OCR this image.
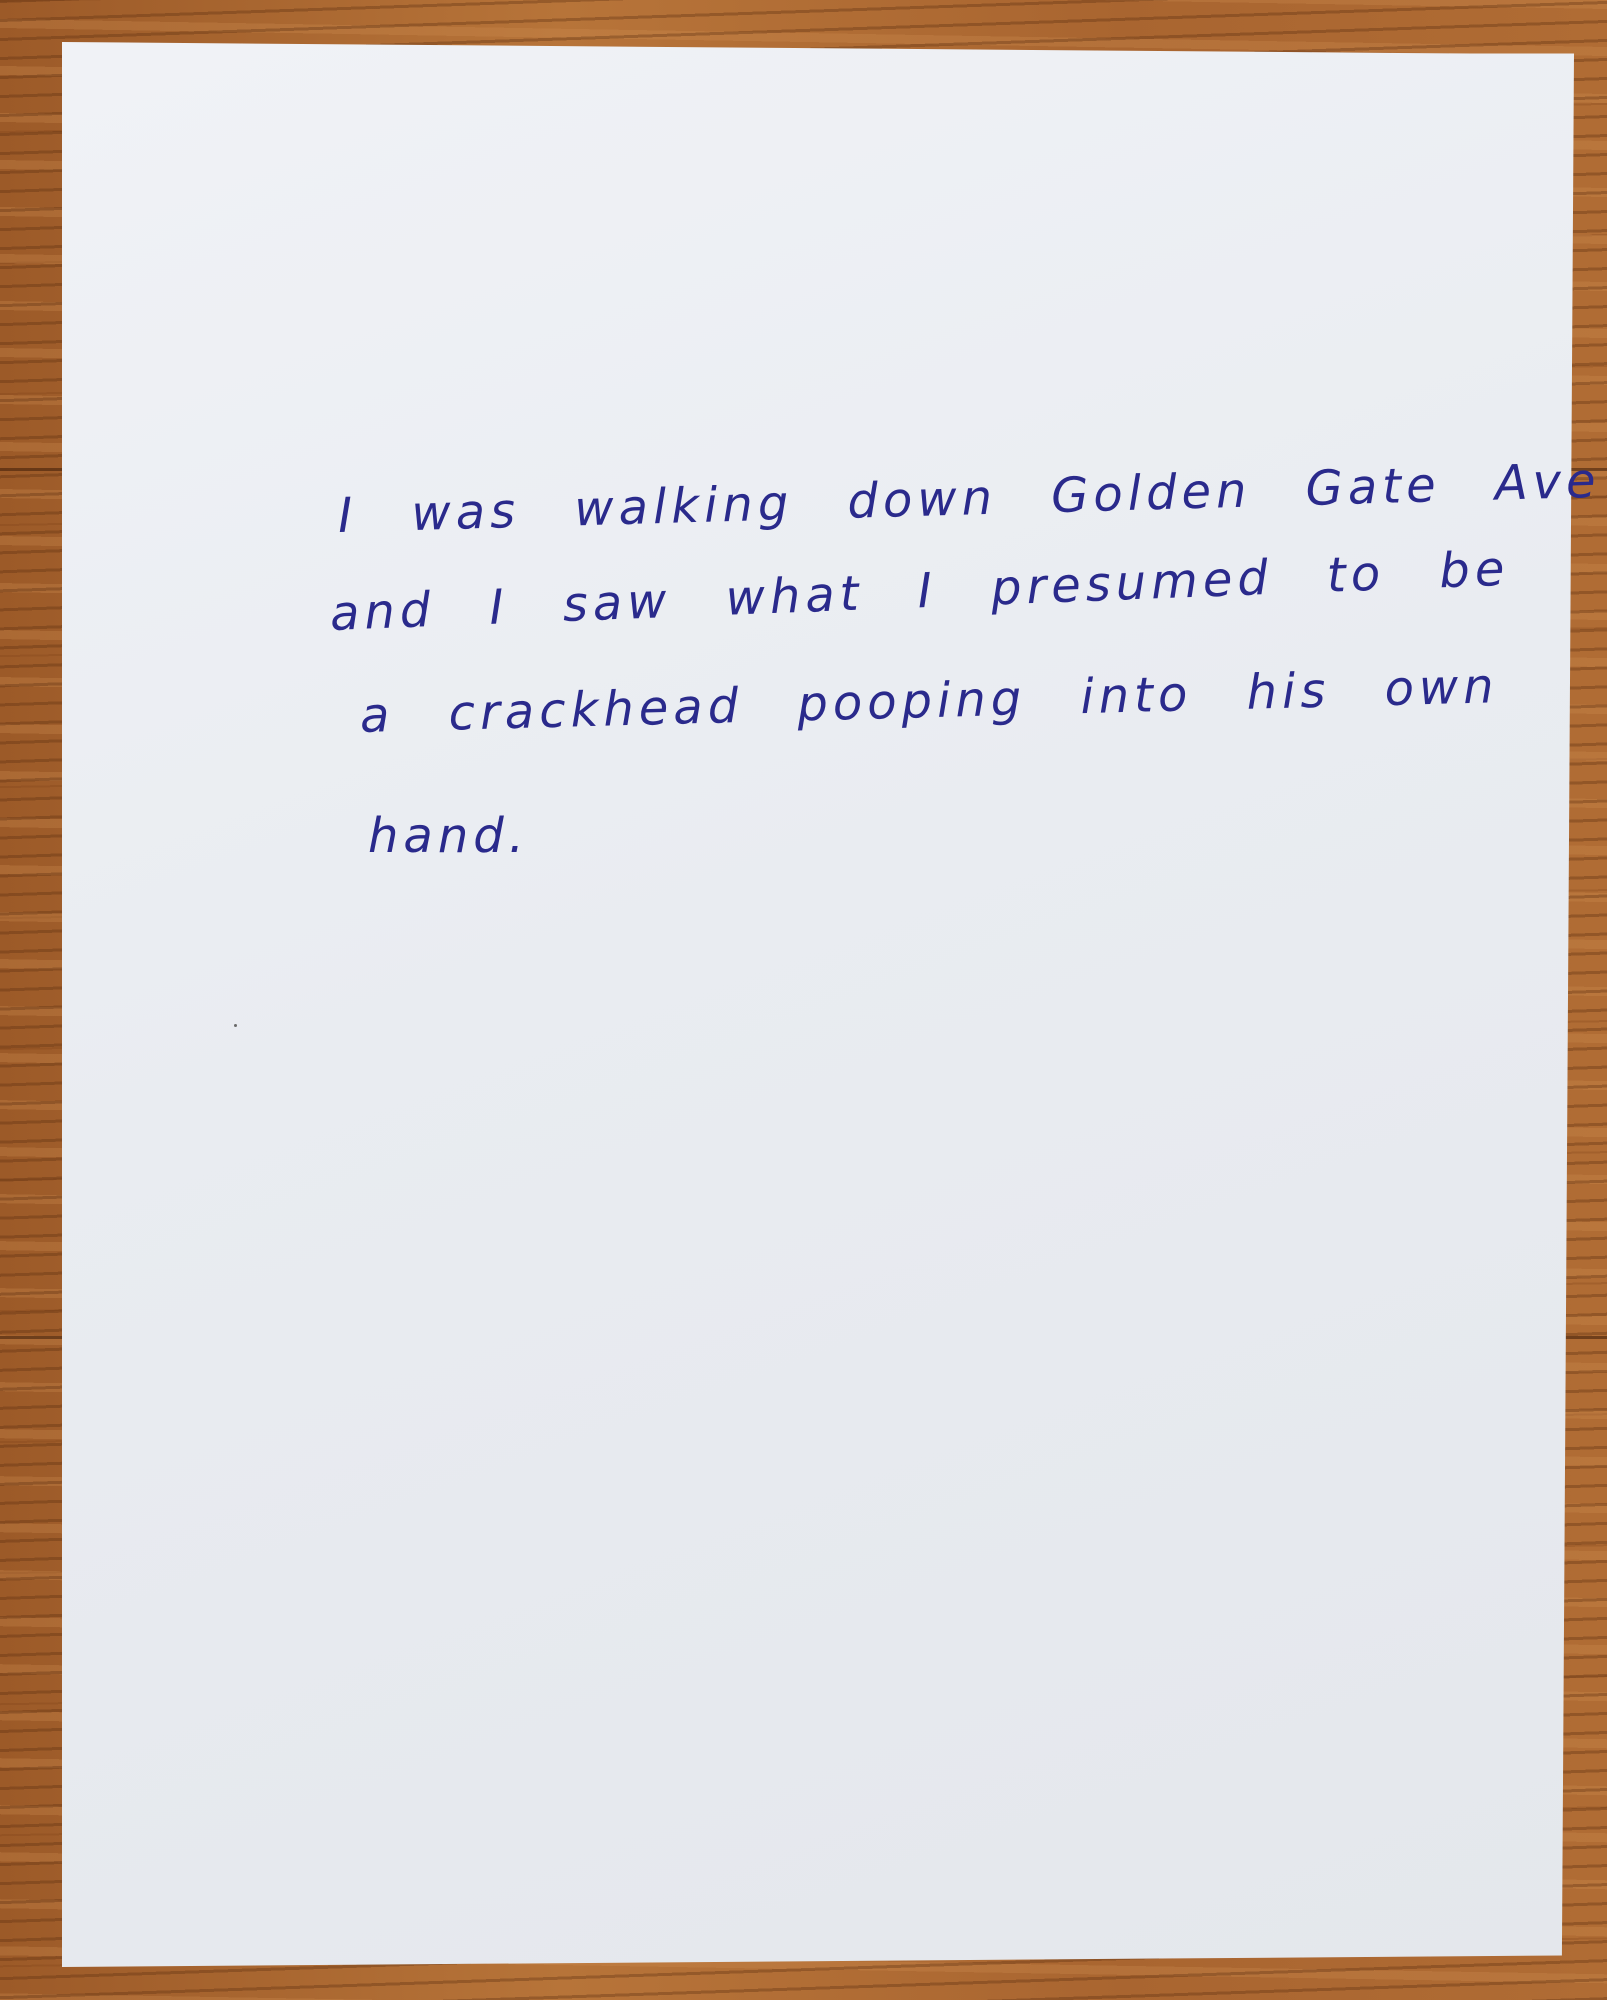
I was walking down Golden Gate Ave
and I saw what I presumed to be
a crackhead pooping into his own
hand.
